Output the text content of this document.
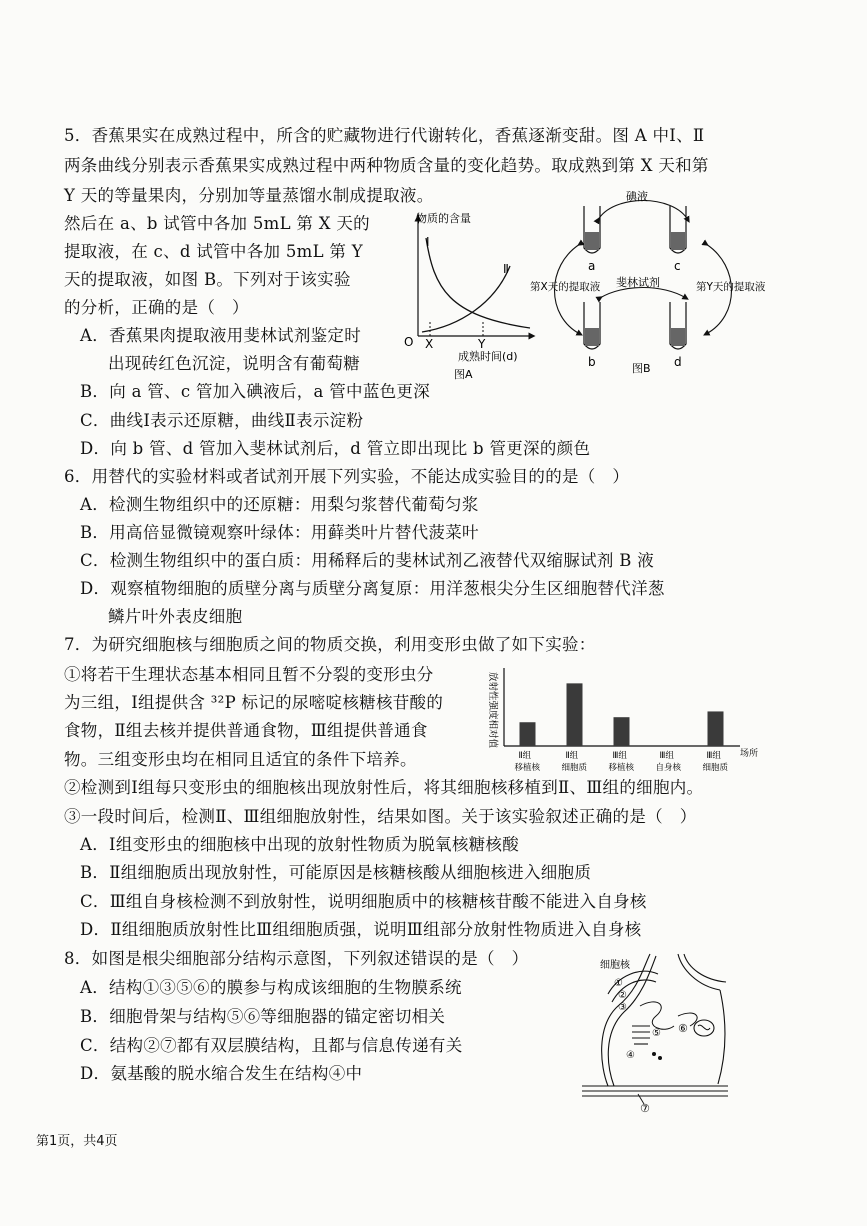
5．香蕉果实在成熟过程中，所含的贮藏物进行代谢转化，香蕉逐渐变甜。图 A 中Ⅰ、Ⅱ
两条曲线分别表示香蕉果实成熟过程中两种物质含量的变化趋势。取成熟到第 X 天和第
Y 天的等量果肉，分别加等量蒸馏水制成提取液。
然后在 a、b 试管中各加 5mL 第 X 天的
提取液，在 c、d 试管中各加 5mL 第 Y
天的提取液，如图 B。下列对于该实验
的分析，正确的是（　）
A．香蕉果肉提取液用斐林试剂鉴定时
出现砖红色沉淀，说明含有葡萄糖
B．向 a 管、c 管加入碘液后，a 管中蓝色更深
C．曲线Ⅰ表示还原糖，曲线Ⅱ表示淀粉
D．向 b 管、d 管加入斐林试剂后，d 管立即出现比 b 管更深的颜色
物质的含量
Ⅰ
Ⅱ
O X	Y
成熟时间(d)
图A
碘液
a	c
第X天的提取液	第Y天的提取液
斐林试剂
b	d
图B
6．用替代的实验材料或者试剂开展下列实验，不能达成实验目的的是（　）
A．检测生物组织中的还原糖：用梨匀浆替代葡萄匀浆
B．用高倍显微镜观察叶绿体：用藓类叶片替代菠菜叶
C．检测生物组织中的蛋白质：用稀释后的斐林试剂乙液替代双缩脲试剂 B 液
D．观察植物细胞的质壁分离与质壁分离复原：用洋葱根尖分生区细胞替代洋葱
鳞片叶外表皮细胞
7．为研究细胞核与细胞质之间的物质交换，利用变形虫做了如下实验：
①将若干生理状态基本相同且暂不分裂的变形虫分
为三组，Ⅰ组提供含 ³²P 标记的尿嘧啶核糖核苷酸的
食物，Ⅱ组去核并提供普通食物，Ⅲ组提供普通食
物。三组变形虫均在相同且适宜的条件下培养。
②检测到Ⅰ组每只变形虫的细胞核出现放射性后，将其细胞核移植到Ⅱ、Ⅲ组的细胞内。
③一段时间后，检测Ⅱ、Ⅲ组细胞放射性，结果如图。关于该实验叙述正确的是（　）
A．Ⅰ组变形虫的细胞核中出现的放射性物质为脱氧核糖核酸
B．Ⅱ组细胞质出现放射性，可能原因是核糖核酸从细胞核进入细胞质
C．Ⅲ组自身核检测不到放射性，说明细胞质中的核糖核苷酸不能进入自身核
D．Ⅱ组细胞质放射性比Ⅲ组细胞质强，说明Ⅲ组部分放射性物质进入自身核
放射性强度相对值
场所
Ⅱ组
移植核
Ⅱ组
细胞质
Ⅲ组
移植核
Ⅲ组
自身核
Ⅲ组
细胞质
8．如图是根尖细胞部分结构示意图，下列叙述错误的是（　）
A．结构①③⑤⑥的膜参与构成该细胞的生物膜系统
B．细胞骨架与结构⑤⑥等细胞器的锚定密切相关
C．结构②⑦都有双层膜结构，且都与信息传递有关
D．氨基酸的脱水缩合发生在结构④中
细胞核
①
②
③
④
⑤ ⑥
⑦
第1页，共4页
